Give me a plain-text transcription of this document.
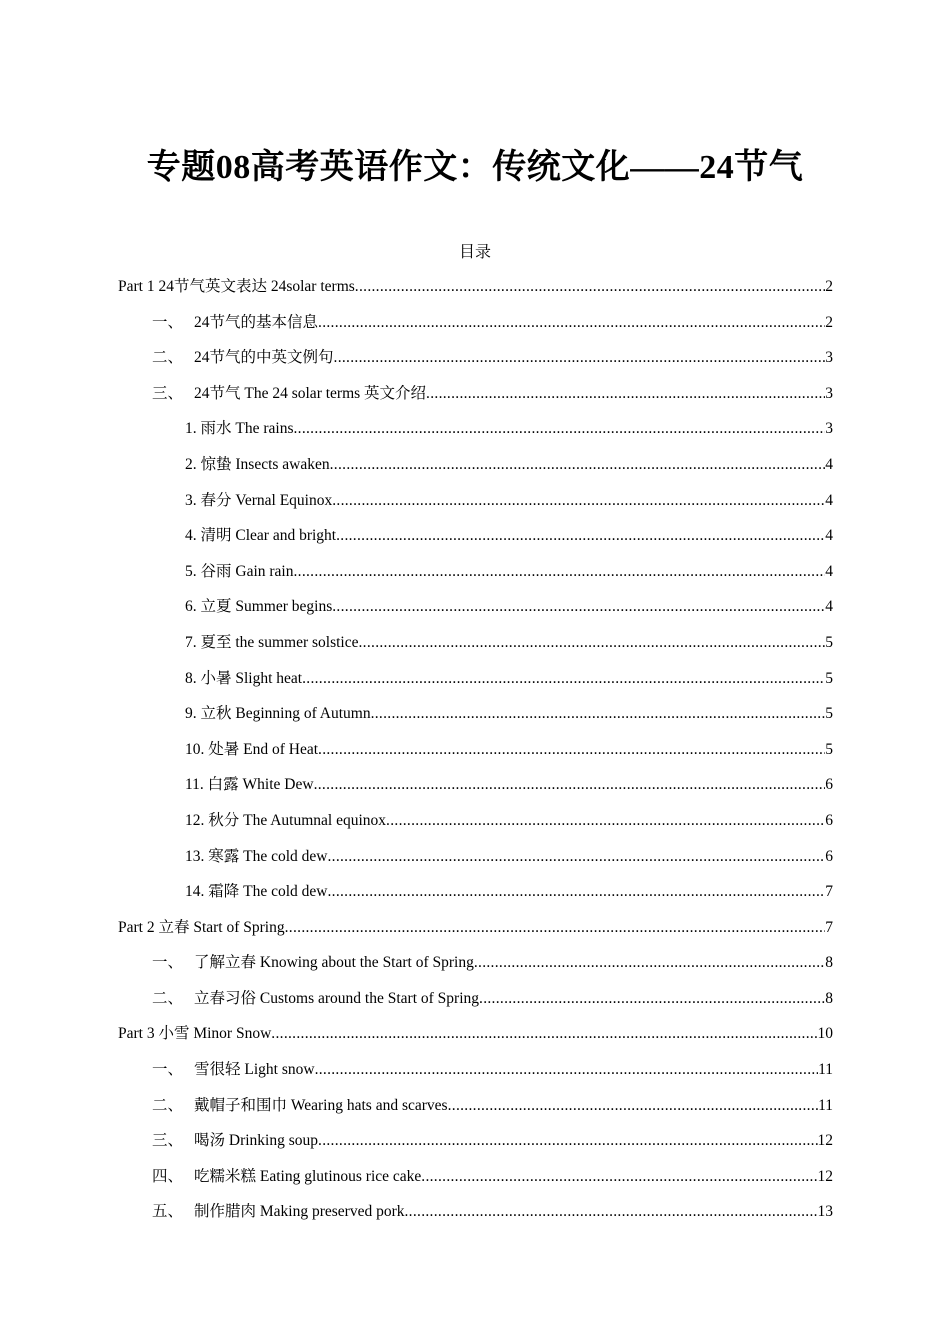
专题08高考英语作文：传统文化——24节气
目录
Part 1 24节气英文表达 24solar terms .....	2
一、 24节气的基本信息 .....	2
二、 24节气的中英文例句 .....	3
三、 24节气 The 24 solar terms 英文介绍 .....	3
1. 雨水 The rains .....	3
2. 惊蛰 Insects awaken .....	4
3. 春分 Vernal Equinox .....	4
4. 清明 Clear and bright .....	4
5. 谷雨 Gain rain .....	4
6. 立夏 Summer begins .....	4
7. 夏至 the summer solstice .....	5
8. 小暑 Slight heat .....	5
9. 立秋 Beginning of Autumn .....	5
10. 处暑 End of Heat .....	5
11. 白露 White Dew .....	6
12. 秋分 The Autumnal equinox .....	6
13. 寒露 The cold dew .....	6
14. 霜降 The cold dew .....	7
Part 2 立春 Start of Spring .....	7
一、 了解立春 Knowing about the Start of Spring .....	8
二、 立春习俗 Customs around the Start of Spring .....	8
Part 3 小雪 Minor Snow .....	10
一、 雪很轻 Light snow .....	11
二、 戴帽子和围巾 Wearing hats and scarves .....	11
三、 喝汤 Drinking soup .....	12
四、 吃糯米糕 Eating glutinous rice cake .....	12
五、 制作腊肉 Making preserved pork .....	13
